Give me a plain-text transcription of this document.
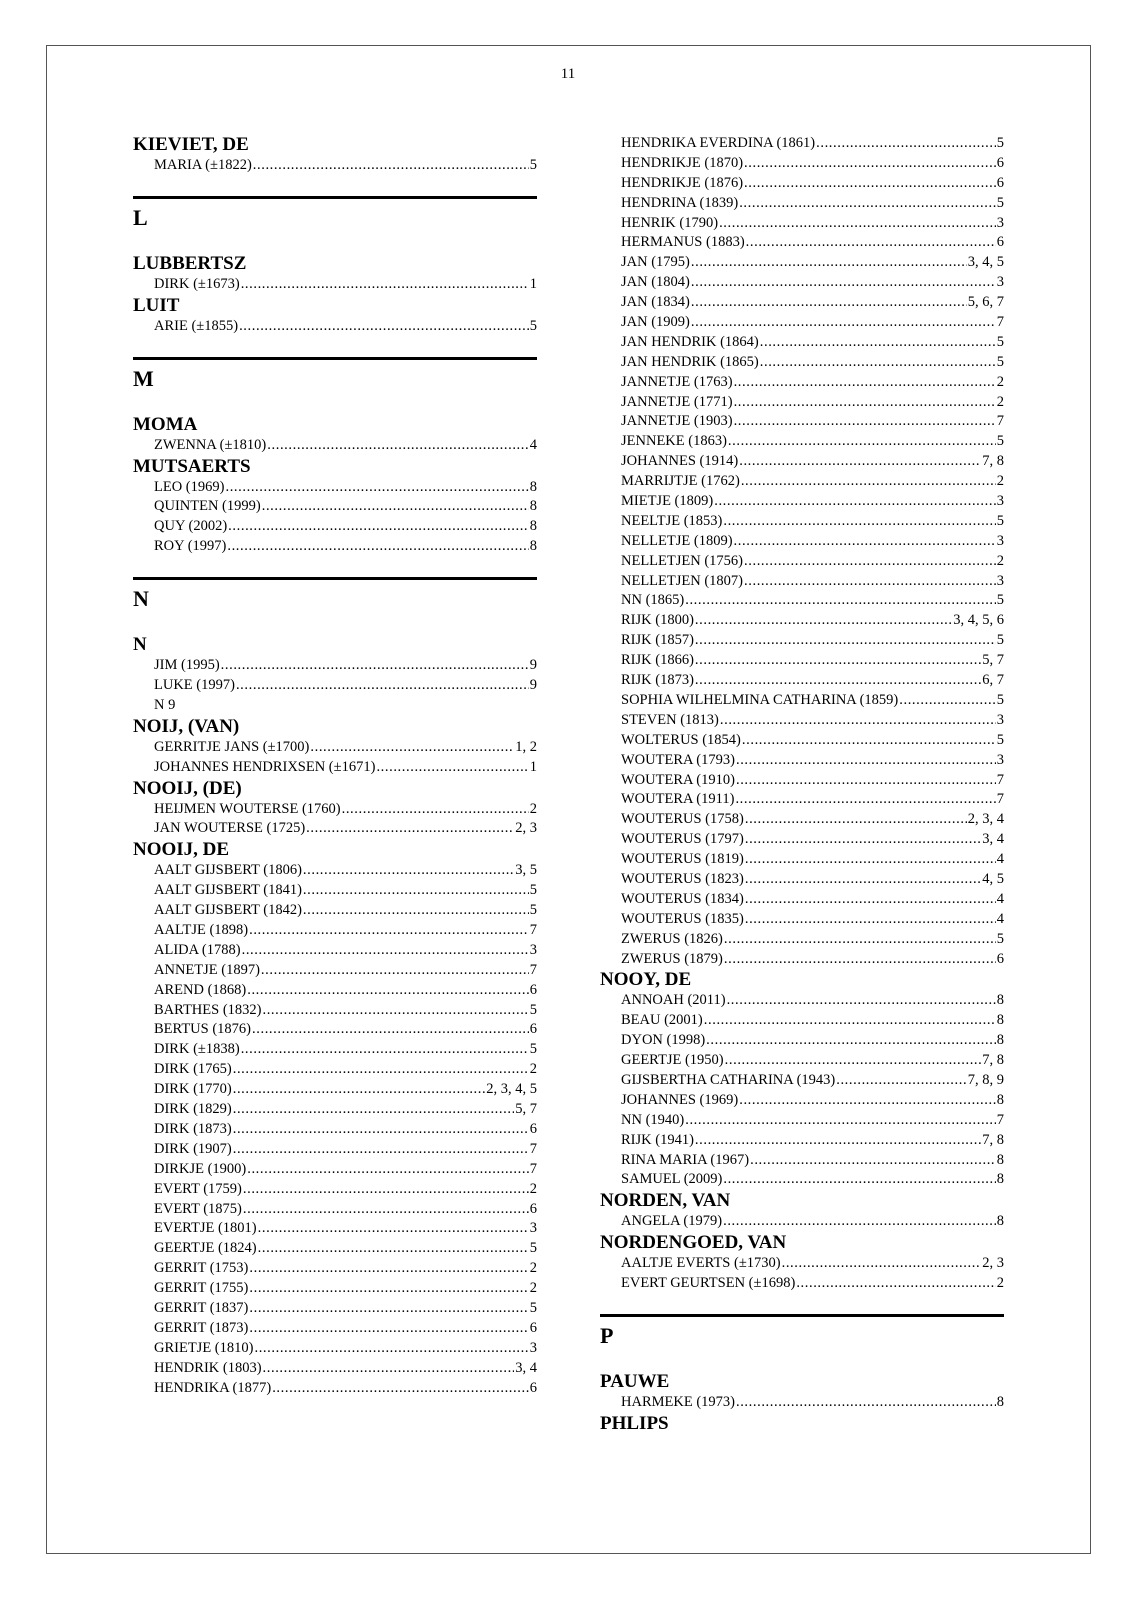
11
KIEVIET, DE
MARIA (±1822) .....	5
L
LUBBERTSZ
DIRK (±1673) .....	1
LUIT
ARIE (±1855) .....	5
M
MOMA
ZWENNA (±1810) .....	4
MUTSAERTS
LEO (1969) .....	8
QUINTEN (1999) .....	8
QUY (2002) .....	8
ROY (1997) .....	8
N
N
JIM (1995) .....	9
LUKE (1997) .....	9
N 9
NOIJ, (VAN)
GERRITJE JANS (±1700) .....	1, 2
JOHANNES HENDRIXSEN (±1671) .....	1
NOOIJ, (DE)
HEIJMEN WOUTERSE (1760) .....	2
JAN WOUTERSE (1725) .....	2, 3
NOOIJ, DE
AALT GIJSBERT (1806) .....	3, 5
AALT GIJSBERT (1841) .....	5
AALT GIJSBERT (1842) .....	5
AALTJE (1898) .....	7
ALIDA (1788) .....	3
ANNETJE (1897) .....	7
AREND (1868) .....	6
BARTHES (1832) .....	5
BERTUS (1876) .....	6
DIRK (±1838) .....	5
DIRK (1765) .....	2
DIRK (1770) .....	2, 3, 4, 5
DIRK (1829) .....	5, 7
DIRK (1873) .....	6
DIRK (1907) .....	7
DIRKJE (1900) .....	7
EVERT (1759) .....	2
EVERT (1875) .....	6
EVERTJE (1801) .....	3
GEERTJE (1824) .....	5
GERRIT (1753) .....	2
GERRIT (1755) .....	2
GERRIT (1837) .....	5
GERRIT (1873) .....	6
GRIETJE (1810) .....	3
HENDRIK (1803) .....	3, 4
HENDRIKA (1877) .....	6
HENDRIKA EVERDINA (1861) .....	5
HENDRIKJE (1870) .....	6
HENDRIKJE (1876) .....	6
HENDRINA (1839) .....	5
HENRIK (1790) .....	3
HERMANUS (1883) .....	6
JAN (1795) .....	3, 4, 5
JAN (1804) .....	3
JAN (1834) .....	5, 6, 7
JAN (1909) .....	7
JAN HENDRIK (1864) .....	5
JAN HENDRIK (1865) .....	5
JANNETJE (1763) .....	2
JANNETJE (1771) .....	2
JANNETJE (1903) .....	7
JENNEKE (1863) .....	5
JOHANNES (1914) .....	7, 8
MARRIJTJE (1762) .....	2
MIETJE (1809) .....	3
NEELTJE (1853) .....	5
NELLETJE (1809) .....	3
NELLETJEN (1756) .....	2
NELLETJEN (1807) .....	3
NN (1865) .....	5
RIJK (1800) .....	3, 4, 5, 6
RIJK (1857) .....	5
RIJK (1866) .....	5, 7
RIJK (1873) .....	6, 7
SOPHIA WILHELMINA CATHARINA (1859) .....	5
STEVEN (1813) .....	3
WOLTERUS (1854) .....	5
WOUTERA (1793) .....	3
WOUTERA (1910) .....	7
WOUTERA (1911) .....	7
WOUTERUS (1758) .....	2, 3, 4
WOUTERUS (1797) .....	3, 4
WOUTERUS (1819) .....	4
WOUTERUS (1823) .....	4, 5
WOUTERUS (1834) .....	4
WOUTERUS (1835) .....	4
ZWERUS (1826) .....	5
ZWERUS (1879) .....	6
NOOY, DE
ANNOAH (2011) .....	8
BEAU (2001) .....	8
DYON (1998) .....	8
GEERTJE (1950) .....	7, 8
GIJSBERTHA CATHARINA (1943) .....	7, 8, 9
JOHANNES (1969) .....	8
NN (1940) .....	7
RIJK (1941) .....	7, 8
RINA MARIA (1967) .....	8
SAMUEL (2009) .....	8
NORDEN, VAN
ANGELA (1979) .....	8
NORDENGOED, VAN
AALTJE EVERTS (±1730) .....	2, 3
EVERT GEURTSEN (±1698) .....	2
P
PAUWE
HARMEKE (1973) .....	8
PHLIPS
